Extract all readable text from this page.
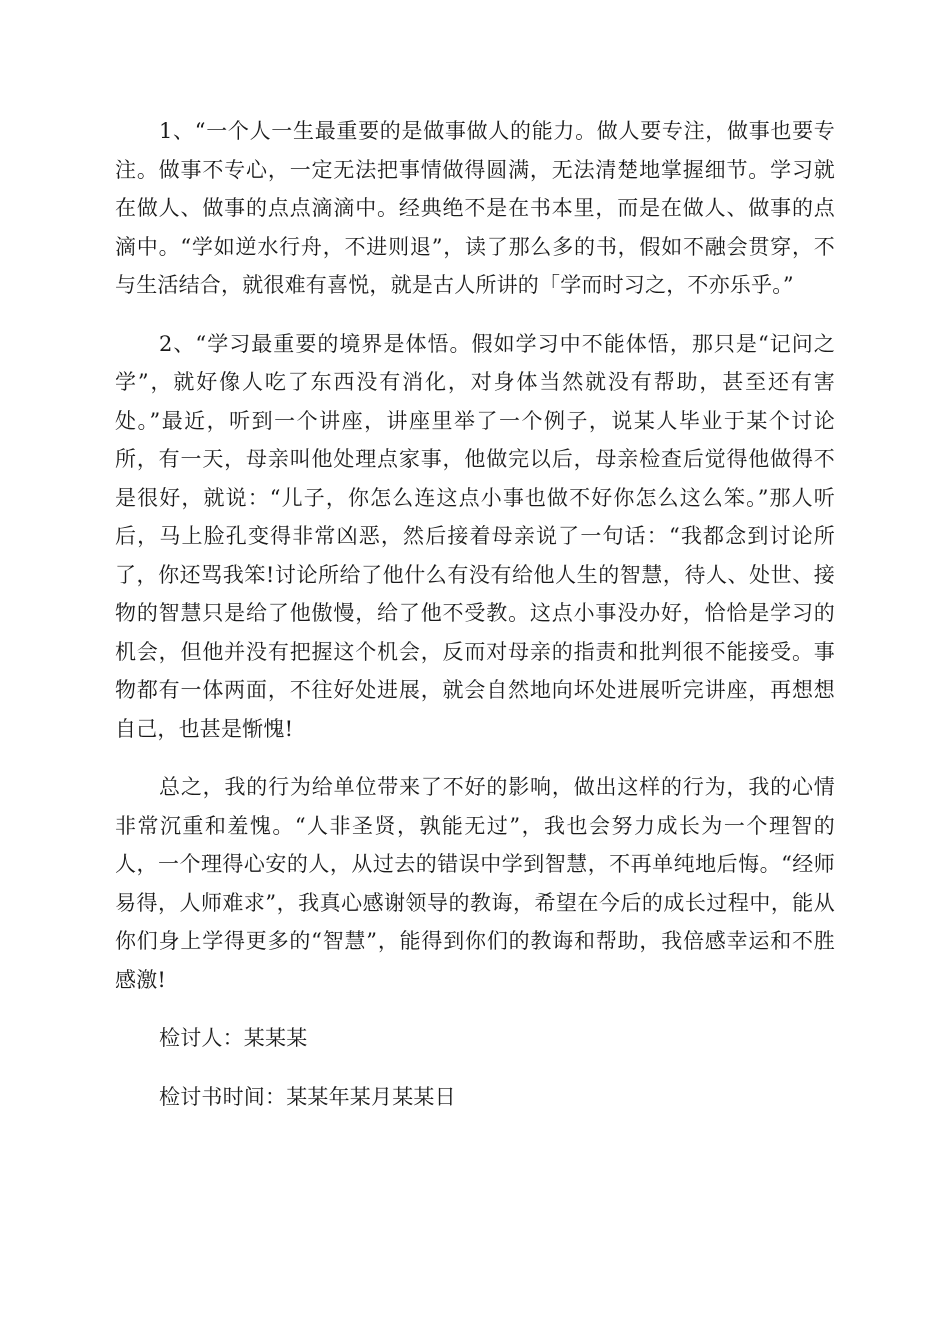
1、“一个人一生最重要的是做事做人的能力。做人要专注，做事也要专注。做事不专心，一定无法把事情做得圆满，无法清楚地掌握细节。学习就在做人、做事的点点滴滴中。经典绝不是在书本里，而是在做人、做事的点滴中。“学如逆水行舟，不进则退”，读了那么多的书，假如不融会贯穿，不与生活结合，就很难有喜悦，就是古人所讲的「学而时习之，不亦乐乎。”

2、“学习最重要的境界是体悟。假如学习中不能体悟，那只是“记问之学”，就好像人吃了东西没有消化，对身体当然就没有帮助，甚至还有害处。”最近，听到一个讲座，讲座里举了一个例子，说某人毕业于某个讨论所，有一天，母亲叫他处理点家事，他做完以后，母亲检查后觉得他做得不是很好，就说：“儿子，你怎么连这点小事也做不好你怎么这么笨。”那人听后，马上脸孔变得非常凶恶，然后接着母亲说了一句话：“我都念到讨论所了，你还骂我笨!讨论所给了他什么有没有给他人生的智慧，待人、处世、接物的智慧只是给了他傲慢，给了他不受教。这点小事没办好，恰恰是学习的机会，但他并没有把握这个机会，反而对母亲的指责和批判很不能接受。事物都有一体两面，不往好处进展，就会自然地向坏处进展听完讲座，再想想自己，也甚是惭愧!

总之，我的行为给单位带来了不好的影响，做出这样的行为，我的心情非常沉重和羞愧。“人非圣贤，孰能无过”，我也会努力成长为一个理智的人，一个理得心安的人，从过去的错误中学到智慧，不再单纯地后悔。“经师易得，人师难求”，我真心感谢领导的教诲，希望在今后的成长过程中，能从你们身上学得更多的“智慧”，能得到你们的教诲和帮助，我倍感幸运和不胜感激!

检讨人：某某某

检讨书时间：某某年某月某某日
